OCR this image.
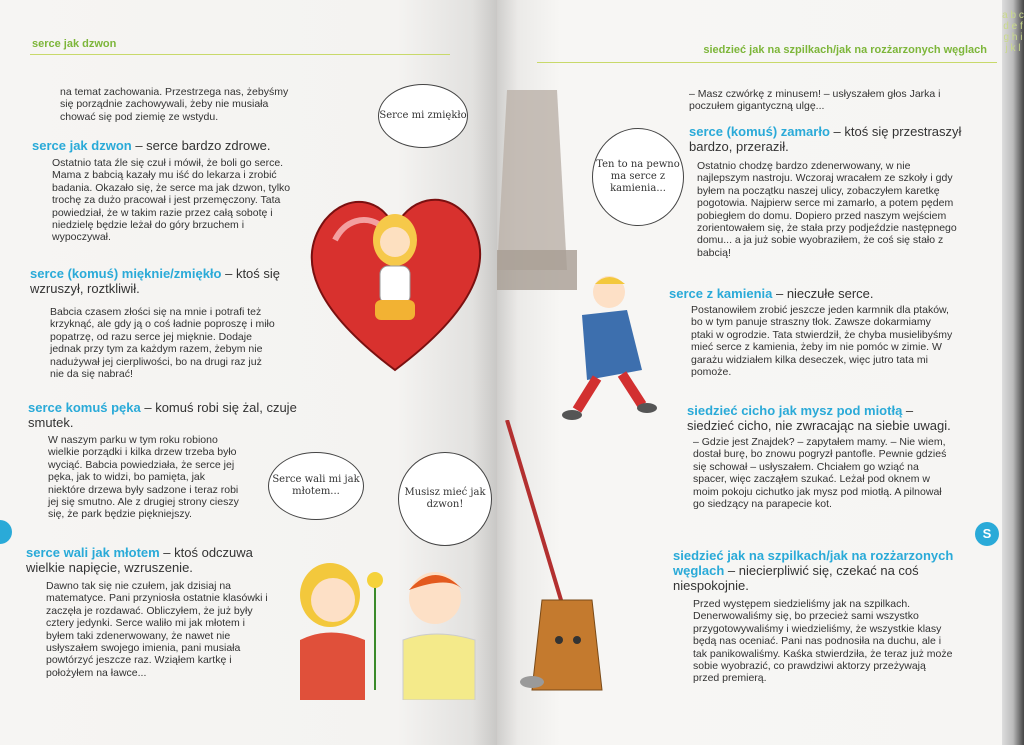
serce jak dzwon
na temat zachowania. Przestrzega nas, żebyśmy się porządnie zachowywali, żeby nie musiała chować się pod ziemię ze wstydu.
serce jak dzwon – serce bardzo zdrowe.
Ostatnio tata źle się czuł i mówił, że boli go serce. Mama z babcią kazały mu iść do lekarza i zrobić badania. Okazało się, że serce ma jak dzwon, tylko trochę za dużo pracował i jest przemęczony. Tata powiedział, że w takim razie przez całą sobotę i niedzielę będzie leżał do góry brzuchem i wypoczywał.
serce (komuś) mięknie/zmiękło – ktoś się wzruszył, roztkliwił.
Babcia czasem złości się na mnie i potrafi też krzyknąć, ale gdy ją o coś ładnie poproszę i miło popatrzę, od razu serce jej mięknie. Dodaje jednak przy tym za każdym razem, żebym nie nadużywał jej cierpliwości, bo na drugi raz już nie da się nabrać!
serce komuś pęka – komuś robi się żal, czuje smutek.
W naszym parku w tym roku robiono wielkie porządki i kilka drzew trzeba było wyciąć. Babcia powiedziała, że serce jej pęka, jak to widzi, bo pamięta, jak niektóre drzewa były sadzone i teraz robi jej się smutno. Ale z drugiej strony cieszy się, że park będzie piękniejszy.
serce wali jak młotem – ktoś odczuwa wielkie napięcie, wzruszenie.
Dawno tak się nie czułem, jak dzisiaj na matematyce. Pani przyniosła ostatnie klasówki i zaczęła je rozdawać. Obliczyłem, że już były cztery jedynki. Serce waliło mi jak młotem i byłem taki zdenerwowany, że nawet nie usłyszałem swojego imienia, pani musiała powtórzyć jeszcze raz. Wziąłem kartkę i położyłem na ławce...
Serce mi zmiękło
Serce wali mi jak młotem...	Musisz mieć jak dzwon!
siedzieć jak na szpilkach/jak na rozżarzonych węglach
– Masz czwórkę z minusem! – usłyszałem głos Jarka i poczułem gigantyczną ulgę...
serce (komuś) zamarło – ktoś się przestraszył bardzo, przeraził.
Ostatnio chodzę bardzo zdenerwowany, w nie najlepszym nastroju. Wczoraj wracałem ze szkoły i gdy byłem na początku naszej ulicy, zobaczyłem karetkę pogotowia. Najpierw serce mi zamarło, a potem pędem pobiegłem do domu. Dopiero przed naszym wejściem zorientowałem się, że stała przy podjeździe następnego domu... a ja już sobie wyobraziłem, że coś się stało z babcią!
serce z kamienia – nieczułe serce.
Postanowiłem zrobić jeszcze jeden karmnik dla ptaków, bo w tym panuje straszny tłok. Zawsze dokarmiamy ptaki w ogrodzie. Tata stwierdził, że chyba musielibyśmy mieć serce z kamienia, żeby im nie pomóc w zimie. W garażu widziałem kilka deseczek, więc jutro tata mi pomoże.
siedzieć cicho jak mysz pod miotłą – siedzieć cicho, nie zwracając na siebie uwagi.
– Gdzie jest Znajdek? – zapytałem mamy. – Nie wiem, dostał burę, bo znowu pogryzł pantofle. Pewnie gdzieś się schował – usłyszałem. Chciałem go wziąć na spacer, więc zacząłem szukać. Leżał pod oknem w moim pokoju cichutko jak mysz pod miotłą. A pilnował go siedzący na parapecie kot.
siedzieć jak na szpilkach/jak na rozżarzonych węglach – niecierpliwić się, czekać na coś niespokojnie.
Przed występem siedzieliśmy jak na szpilkach. Denerwowaliśmy się, bo przecież sami wszystko przygotowywaliśmy i wiedzieliśmy, że wszystkie klasy będą nas oceniać. Pani nas podnosiła na duchu, ale i tak panikowaliśmy. Kaśka stwierdziła, że teraz już może sobie wyobrazić, co prawdziwi aktorzy przeżywają przed premierą.
Ten to na pewno ma serce z kamienia...
S
a b c d e f g h i j k l
